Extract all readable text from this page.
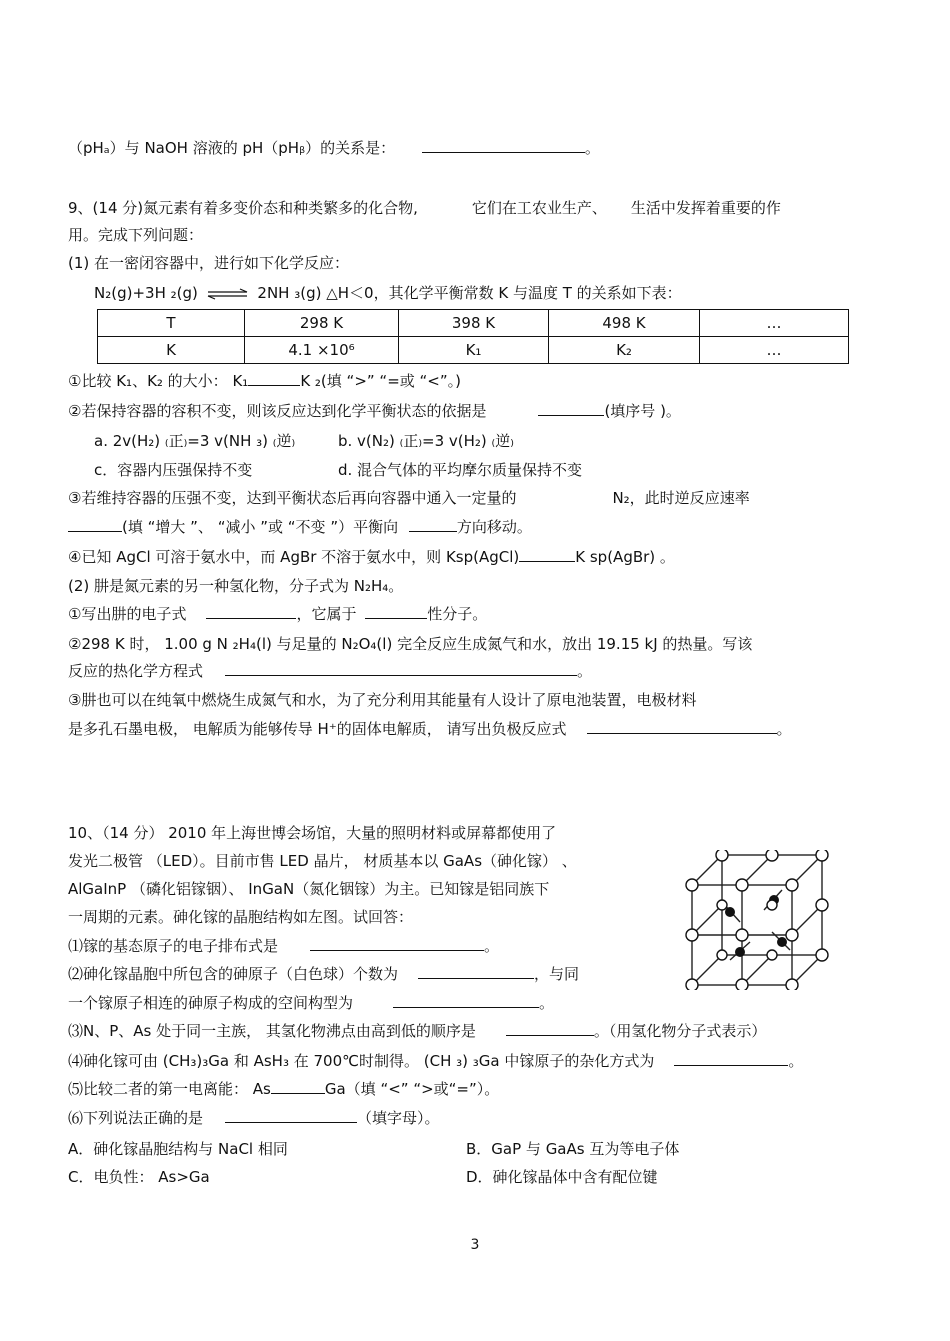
（pHₐ）与 NaOH 溶液的 pH（pHᵦ）的关系是：	。
9、(14 分)氮元素有着多变价态和种类繁多的化合物,	它们在工农业生产、 生活中发挥着重要的作
用。完成下列问题：
(1) 在一密闭容器中，进行如下化学反应：
N₂(g)+3H ₂(g) ⇌ 2NH ₃(g) △H＜0，其化学平衡常数 K 与温度 T 的关系如下表：
T	298 K	398 K	498 K	…
K	4.1 ×10⁶	K₁	K₂	…
①比较 K₁、K₂ 的大小： K₁	K ₂(填 “>” “=或 “<”。)
②若保持容器的容积不变，则该反应达到化学平衡状态的依据是	(填序号 )。
a. 2v(H₂) ₍正₎=3 v(NH ₃) ₍逆₎	b. v(N₂) ₍正₎=3 v(H₂) ₍逆₎
c．容器内压强保持不变	d. 混合气体的平均摩尔质量保持不变
③若维持容器的压强不变，达到平衡状态后再向容器中通入一定量的	N₂，此时逆反应速率
(填 “增大 ”、 “减小 ”或 “不变 ”）平衡向	方向移动。
④已知 AgCl 可溶于氨水中，而 AgBr 不溶于氨水中，则 Ksp(AgCl)	K sp(AgBr) 。
(2) 肼是氮元素的另一种氢化物，分子式为 N₂H₄。
①写出肼的电子式	，它属于	性分子。
②298 K 时， 1.00 g N ₂H₄(l) 与足量的 N₂O₄(l) 完全反应生成氮气和水，放出 19.15 kJ 的热量。写该
反应的热化学方程式	。
③肼也可以在纯氧中燃烧生成氮气和水，为了充分利用其能量有人设计了原电池装置，电极材料
是多孔石墨电极， 电解质为能够传导 H⁺的固体电解质， 请写出负极反应式	。
10、（14 分） 2010 年上海世博会场馆，大量的照明材料或屏幕都使用了
发光二极管 （LED）。目前市售 LED 晶片， 材质基本以 GaAs（砷化镓） 、
AlGaInP （磷化铝镓铟）、 InGaN（氮化铟镓）为主。已知镓是铝同族下
一周期的元素。砷化镓的晶胞结构如左图。试回答：
⑴镓的基态原子的电子排布式是	。
⑵砷化镓晶胞中所包含的砷原子（白色球）个数为	，与同
一个镓原子相连的砷原子构成的空间构型为	。
⑶N、P、As 处于同一主族， 其氢化物沸点由高到低的顺序是	。（用氢化物分子式表示）
⑷砷化镓可由 (CH₃)₃Ga 和 AsH₃ 在 700℃时制得。 (CH ₃) ₃Ga 中镓原子的杂化方式为	。
⑸比较二者的第一电离能： As	Ga（填 “<” “>或“=”）。
⑹下列说法正确的是	（填字母）。
A．砷化镓晶胞结构与 NaCl 相同	B．GaP 与 GaAs 互为等电子体
C．电负性： As>Ga	D．砷化镓晶体中含有配位键
3
